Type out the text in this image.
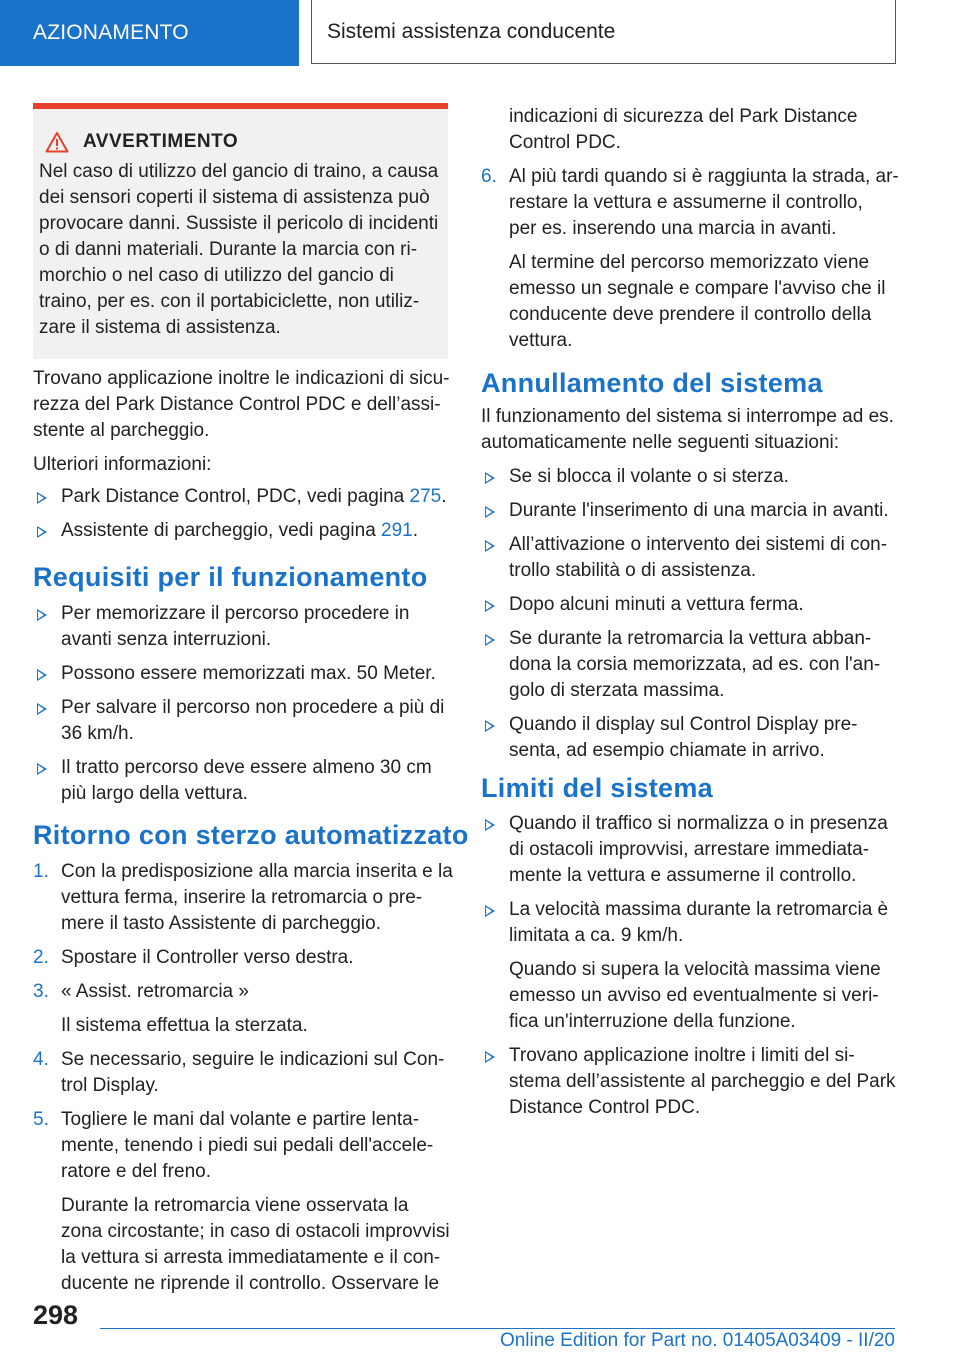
AZIONAMENTO	Sistemi assistenza conducente
AVVERTIMENTO
Nel caso di utilizzo del gancio di traino, a causa
dei sensori coperti il sistema di assistenza può
provocare danni. Sussiste il pericolo di incidenti
o di danni materiali. Durante la marcia con ri‐
morchio o nel caso di utilizzo del gancio di
traino, per es. con il portabiciclette, non utiliz‐
zare il sistema di assistenza.

Trovano applicazione inoltre le indicazioni di sicu‐
rezza del Park Distance Control PDC e dell’assi‐
stente al parcheggio.

Ulteriori informazioni:

Park Distance Control, PDC, vedi pagina 275.
Assistente di parcheggio, vedi pagina 291.
Requisiti per il funzionamento
Per memorizzare il percorso procedere in
avanti senza interruzioni.
Possono essere memorizzati max. 50 Meter.
Per salvare il percorso non procedere a più di
36 km/h.
Il tratto percorso deve essere almeno 30 cm
più largo della vettura.
Ritorno con sterzo automatizzato
1. Con la predisposizione alla marcia inserita e la
vettura ferma, inserire la retromarcia o pre‐
mere il tasto Assistente di parcheggio.
2. Spostare il Controller verso destra.
3. « Assist. retromarcia »
Il sistema effettua la sterzata.
4. Se necessario, seguire le indicazioni sul Con‐
trol Display.
5. Togliere le mani dal volante e partire lenta‐
mente, tenendo i piedi sui pedali dell'accele‐
ratore e del freno.
Durante la retromarcia viene osservata la
zona circostante; in caso di ostacoli improvvisi
la vettura si arresta immediatamente e il con‐
ducente ne riprende il controllo. Osservare le
indicazioni di sicurezza del Park Distance
Control PDC.
6. Al più tardi quando si è raggiunta la strada, ar‐
restare la vettura e assumerne il controllo,
per es. inserendo una marcia in avanti.
Al termine del percorso memorizzato viene
emesso un segnale e compare l'avviso che il
conducente deve prendere il controllo della
vettura.
Annullamento del sistema

Il funzionamento del sistema si interrompe ad es.
automaticamente nelle seguenti situazioni:

Se si blocca il volante o si sterza.
Durante l'inserimento di una marcia in avanti.
All’attivazione o intervento dei sistemi di con‐
trollo stabilità o di assistenza.
Dopo alcuni minuti a vettura ferma.
Se durante la retromarcia la vettura abban‐
dona la corsia memorizzata, ad es. con l'an‐
golo di sterzata massima.
Quando il display sul Control Display pre‐
senta, ad esempio chiamate in arrivo.
Limiti del sistema
Quando il traffico si normalizza o in presenza
di ostacoli improvvisi, arrestare immediata‐
mente la vettura e assumerne il controllo.
La velocità massima durante la retromarcia è
limitata a ca. 9 km/h.
Quando si supera la velocità massima viene
emesso un avviso ed eventualmente si veri‐
fica un'interruzione della funzione.
Trovano applicazione inoltre i limiti del si‐
stema dell’assistente al parcheggio e del Park
Distance Control PDC.
298
Online Edition for Part no. 01405A03409 - II/20
